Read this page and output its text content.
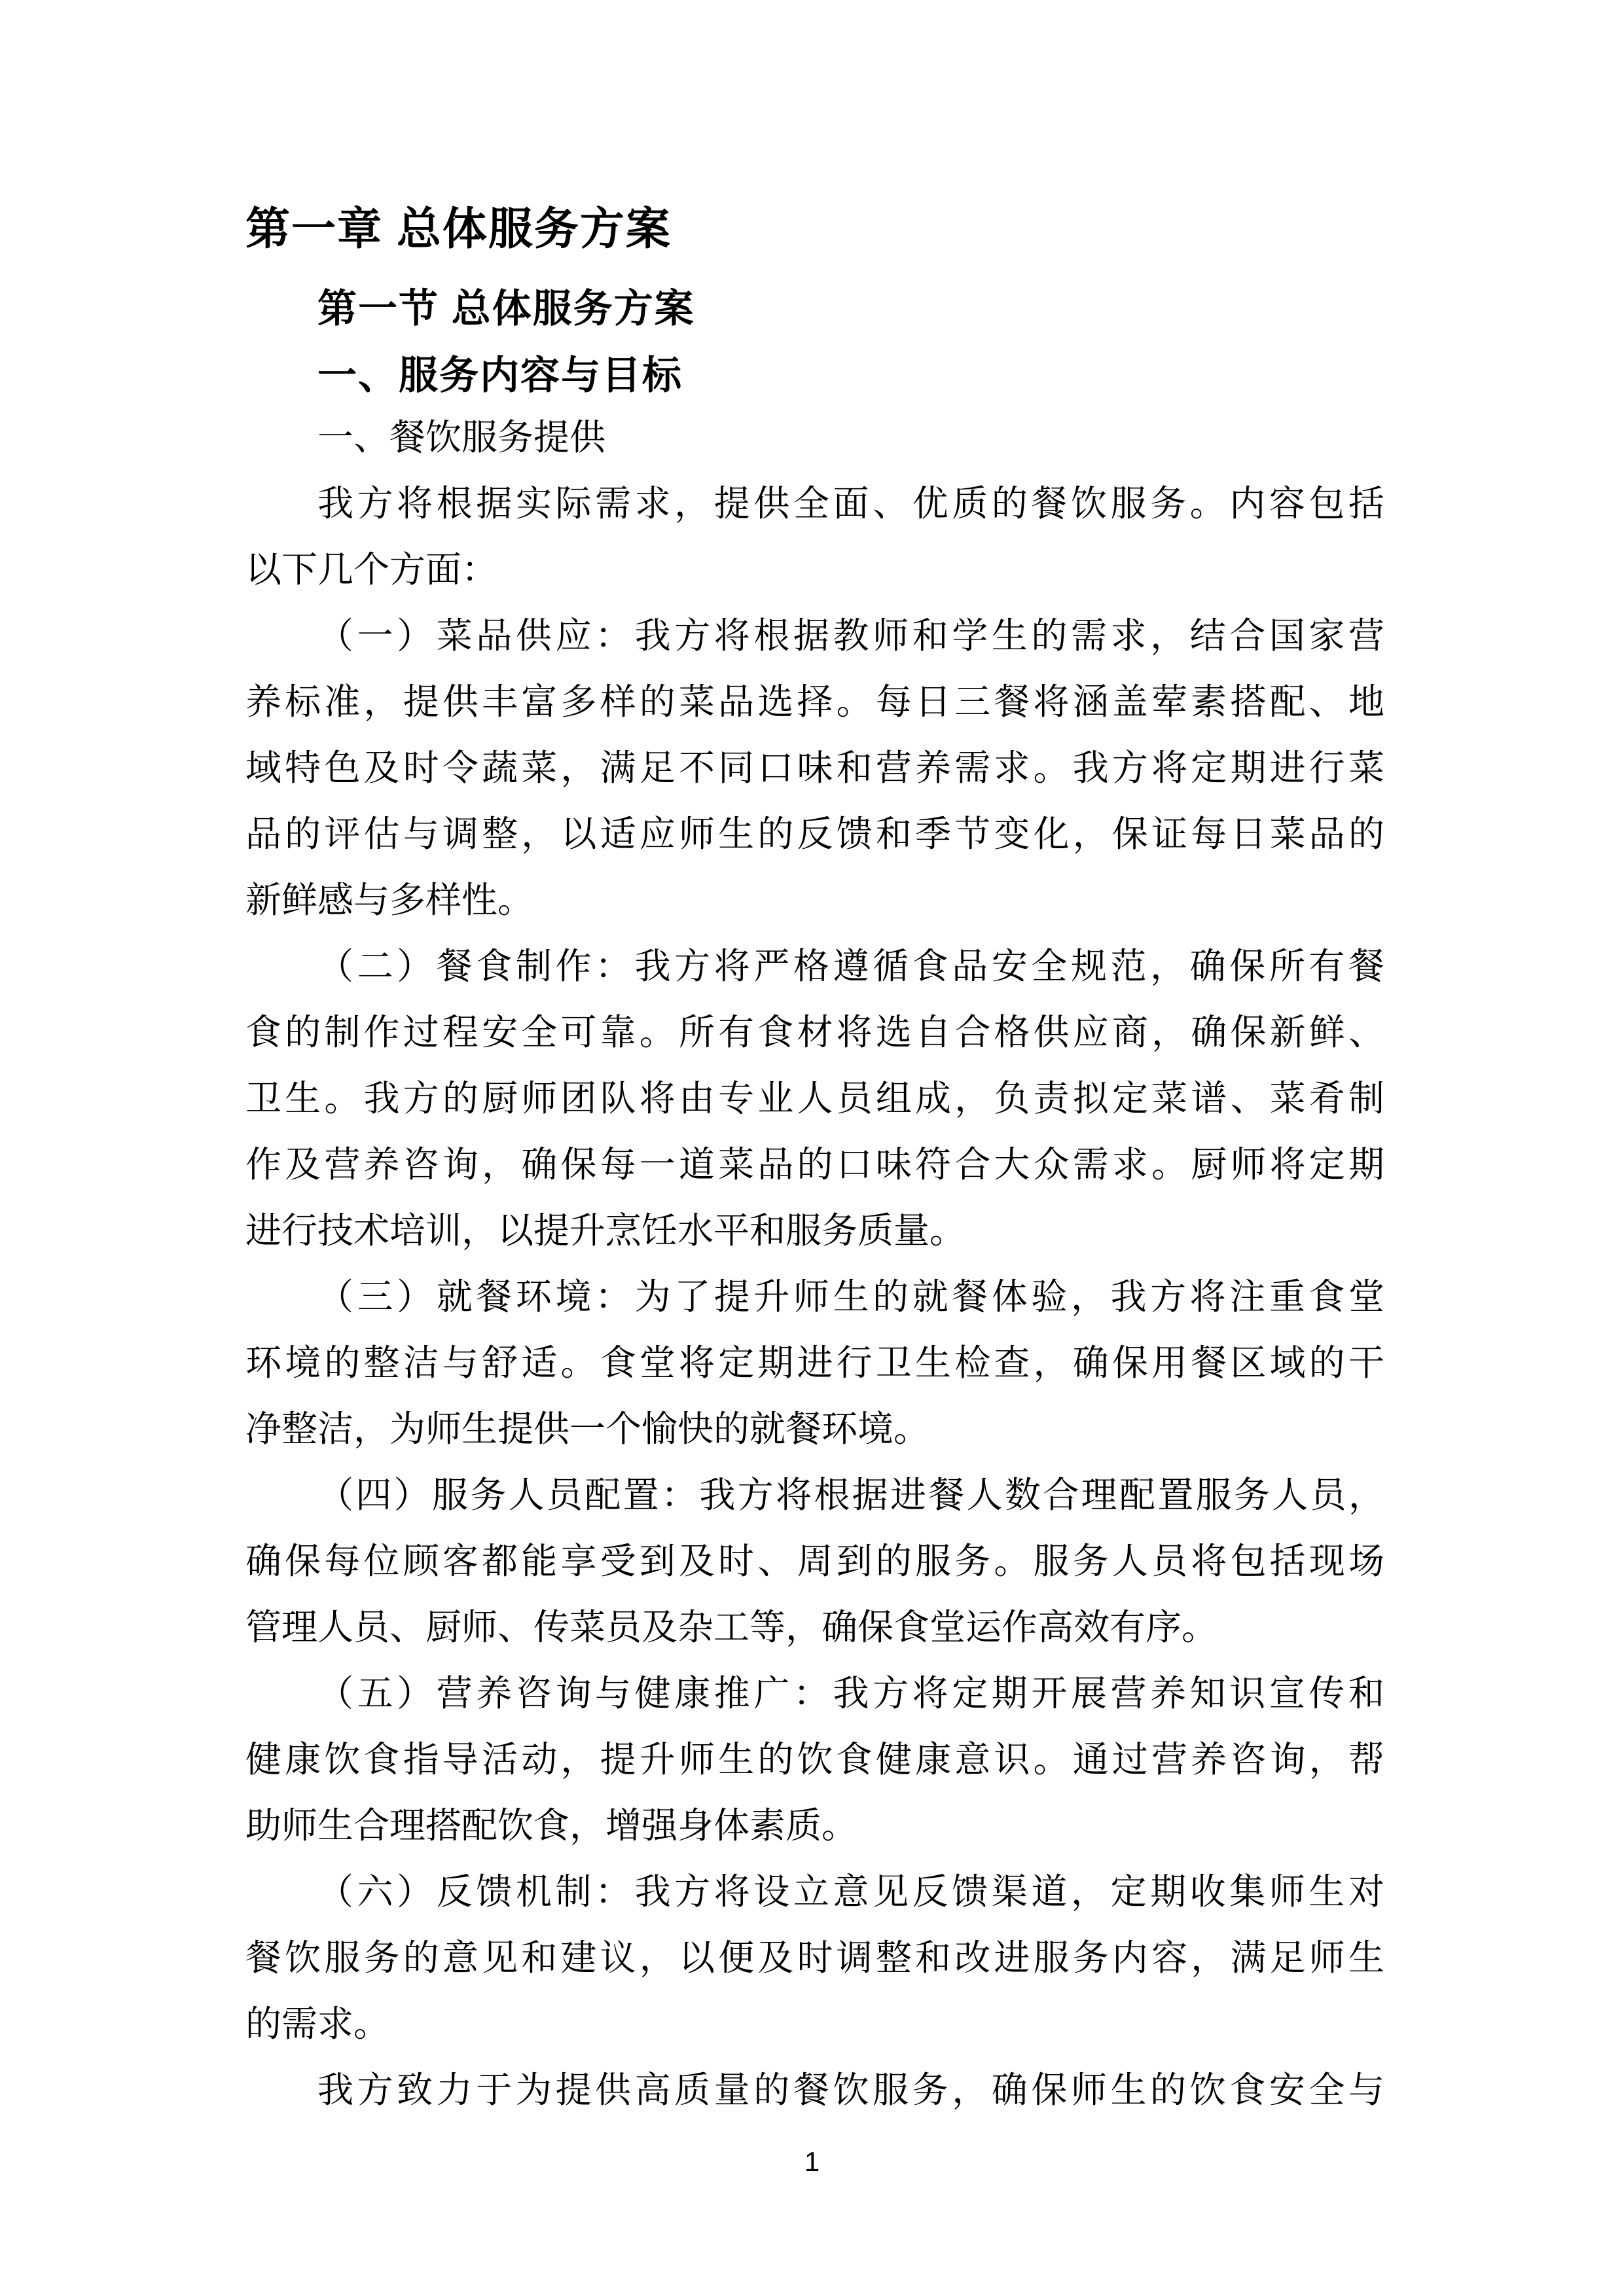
第一章 总体服务方案
第一节 总体服务方案
一、服务内容与目标
一、餐饮服务提供
我方将根据实际需求，提供全面、优质的餐饮服务。内容包括
以下几个方面：
（一）菜品供应：我方将根据教师和学生的需求，结合国家营
养标准，提供丰富多样的菜品选择。每日三餐将涵盖荤素搭配、地
域特色及时令蔬菜，满足不同口味和营养需求。我方将定期进行菜
品的评估与调整，以适应师生的反馈和季节变化，保证每日菜品的
新鲜感与多样性。
（二）餐食制作：我方将严格遵循食品安全规范，确保所有餐
食的制作过程安全可靠。所有食材将选自合格供应商，确保新鲜、
卫生。我方的厨师团队将由专业人员组成，负责拟定菜谱、菜肴制
作及营养咨询，确保每一道菜品的口味符合大众需求。厨师将定期
进行技术培训，以提升烹饪水平和服务质量。
（三）就餐环境：为了提升师生的就餐体验，我方将注重食堂
环境的整洁与舒适。食堂将定期进行卫生检查，确保用餐区域的干
净整洁，为师生提供一个愉快的就餐环境。
（四）服务人员配置：我方将根据进餐人数合理配置服务人员，
确保每位顾客都能享受到及时、周到的服务。服务人员将包括现场
管理人员、厨师、传菜员及杂工等，确保食堂运作高效有序。
（五）营养咨询与健康推广：我方将定期开展营养知识宣传和
健康饮食指导活动，提升师生的饮食健康意识。通过营养咨询，帮
助师生合理搭配饮食，增强身体素质。
（六）反馈机制：我方将设立意见反馈渠道，定期收集师生对
餐饮服务的意见和建议，以便及时调整和改进服务内容，满足师生
的需求。
我方致力于为提供高质量的餐饮服务，确保师生的饮食安全与
1
